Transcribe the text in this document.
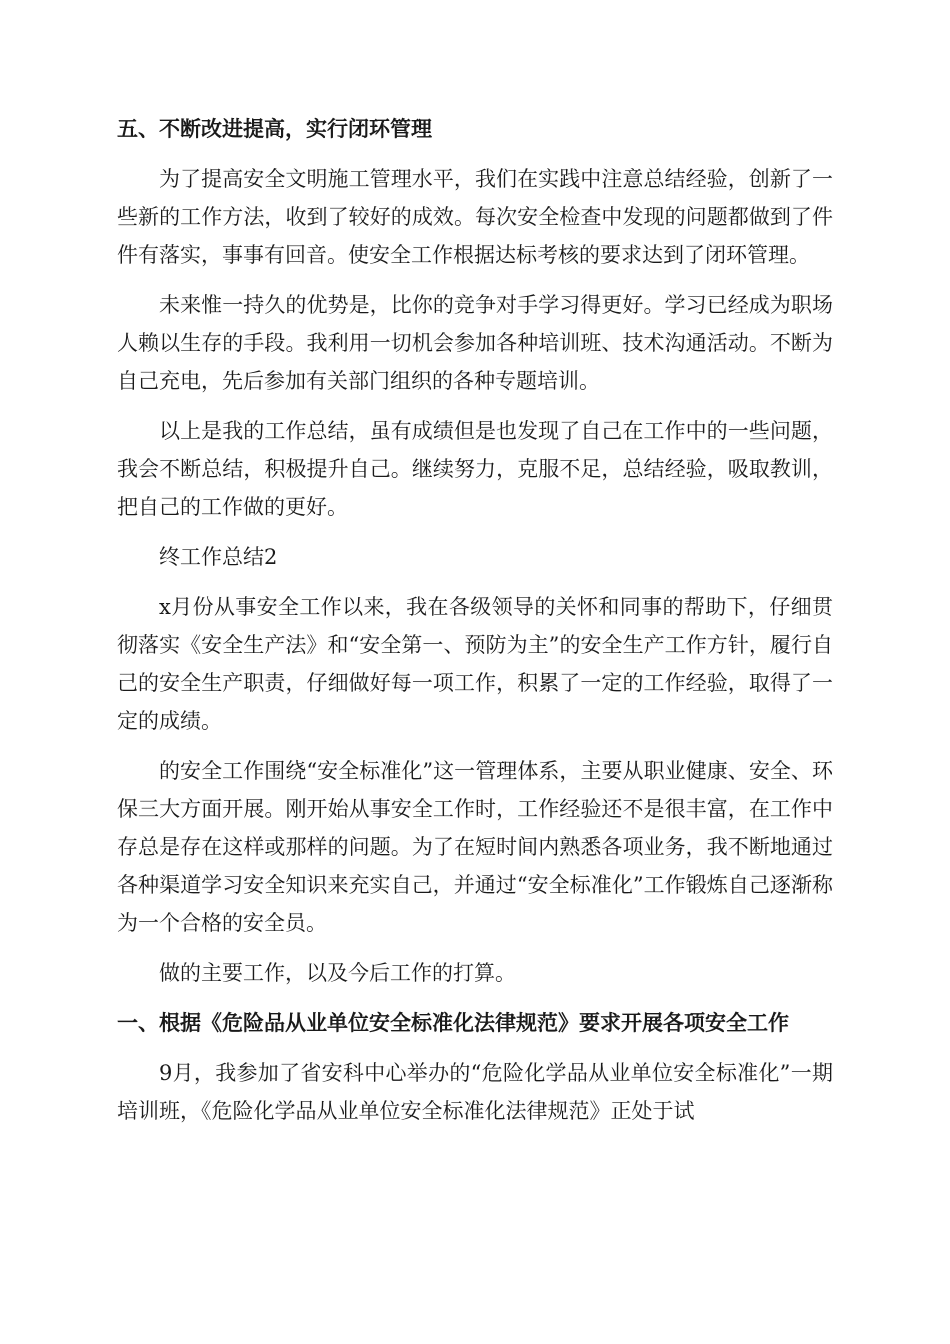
五、不断改进提高，实行闭环管理

为了提高安全文明施工管理水平，我们在实践中注意总结经验，创新了一些新的工作方法，收到了较好的成效。每次安全检查中发现的问题都做到了件件有落实，事事有回音。使安全工作根据达标考核的要求达到了闭环管理。

未来惟一持久的优势是，比你的竞争对手学习得更好。学习已经成为职场人赖以生存的手段。我利用一切机会参加各种培训班、技术沟通活动。不断为自己充电，先后参加有关部门组织的各种专题培训。

以上是我的工作总结，虽有成绩但是也发现了自己在工作中的一些问题，我会不断总结，积极提升自己。继续努力，克服不足，总结经验，吸取教训，把自己的工作做的更好。

终工作总结2

x月份从事安全工作以来，我在各级领导的关怀和同事的帮助下，仔细贯彻落实《安全生产法》和“安全第一、预防为主”的安全生产工作方针，履行自己的安全生产职责，仔细做好每一项工作，积累了一定的工作经验，取得了一定的成绩。

的安全工作围绕“安全标准化”这一管理体系，主要从职业健康、安全、环保三大方面开展。刚开始从事安全工作时，工作经验还不是很丰富，在工作中存总是存在这样或那样的问题。为了在短时间内熟悉各项业务，我不断地通过各种渠道学习安全知识来充实自己，并通过“安全标准化”工作锻炼自己逐渐称为一个合格的安全员。

做的主要工作，以及今后工作的打算。

一、根据《危险品从业单位安全标准化法律规范》要求开展各项安全工作

9月，我参加了省安科中心举办的“危险化学品从业单位安全标准化”一期培训班，《危险化学品从业单位安全标准化法律规范》正处于试
